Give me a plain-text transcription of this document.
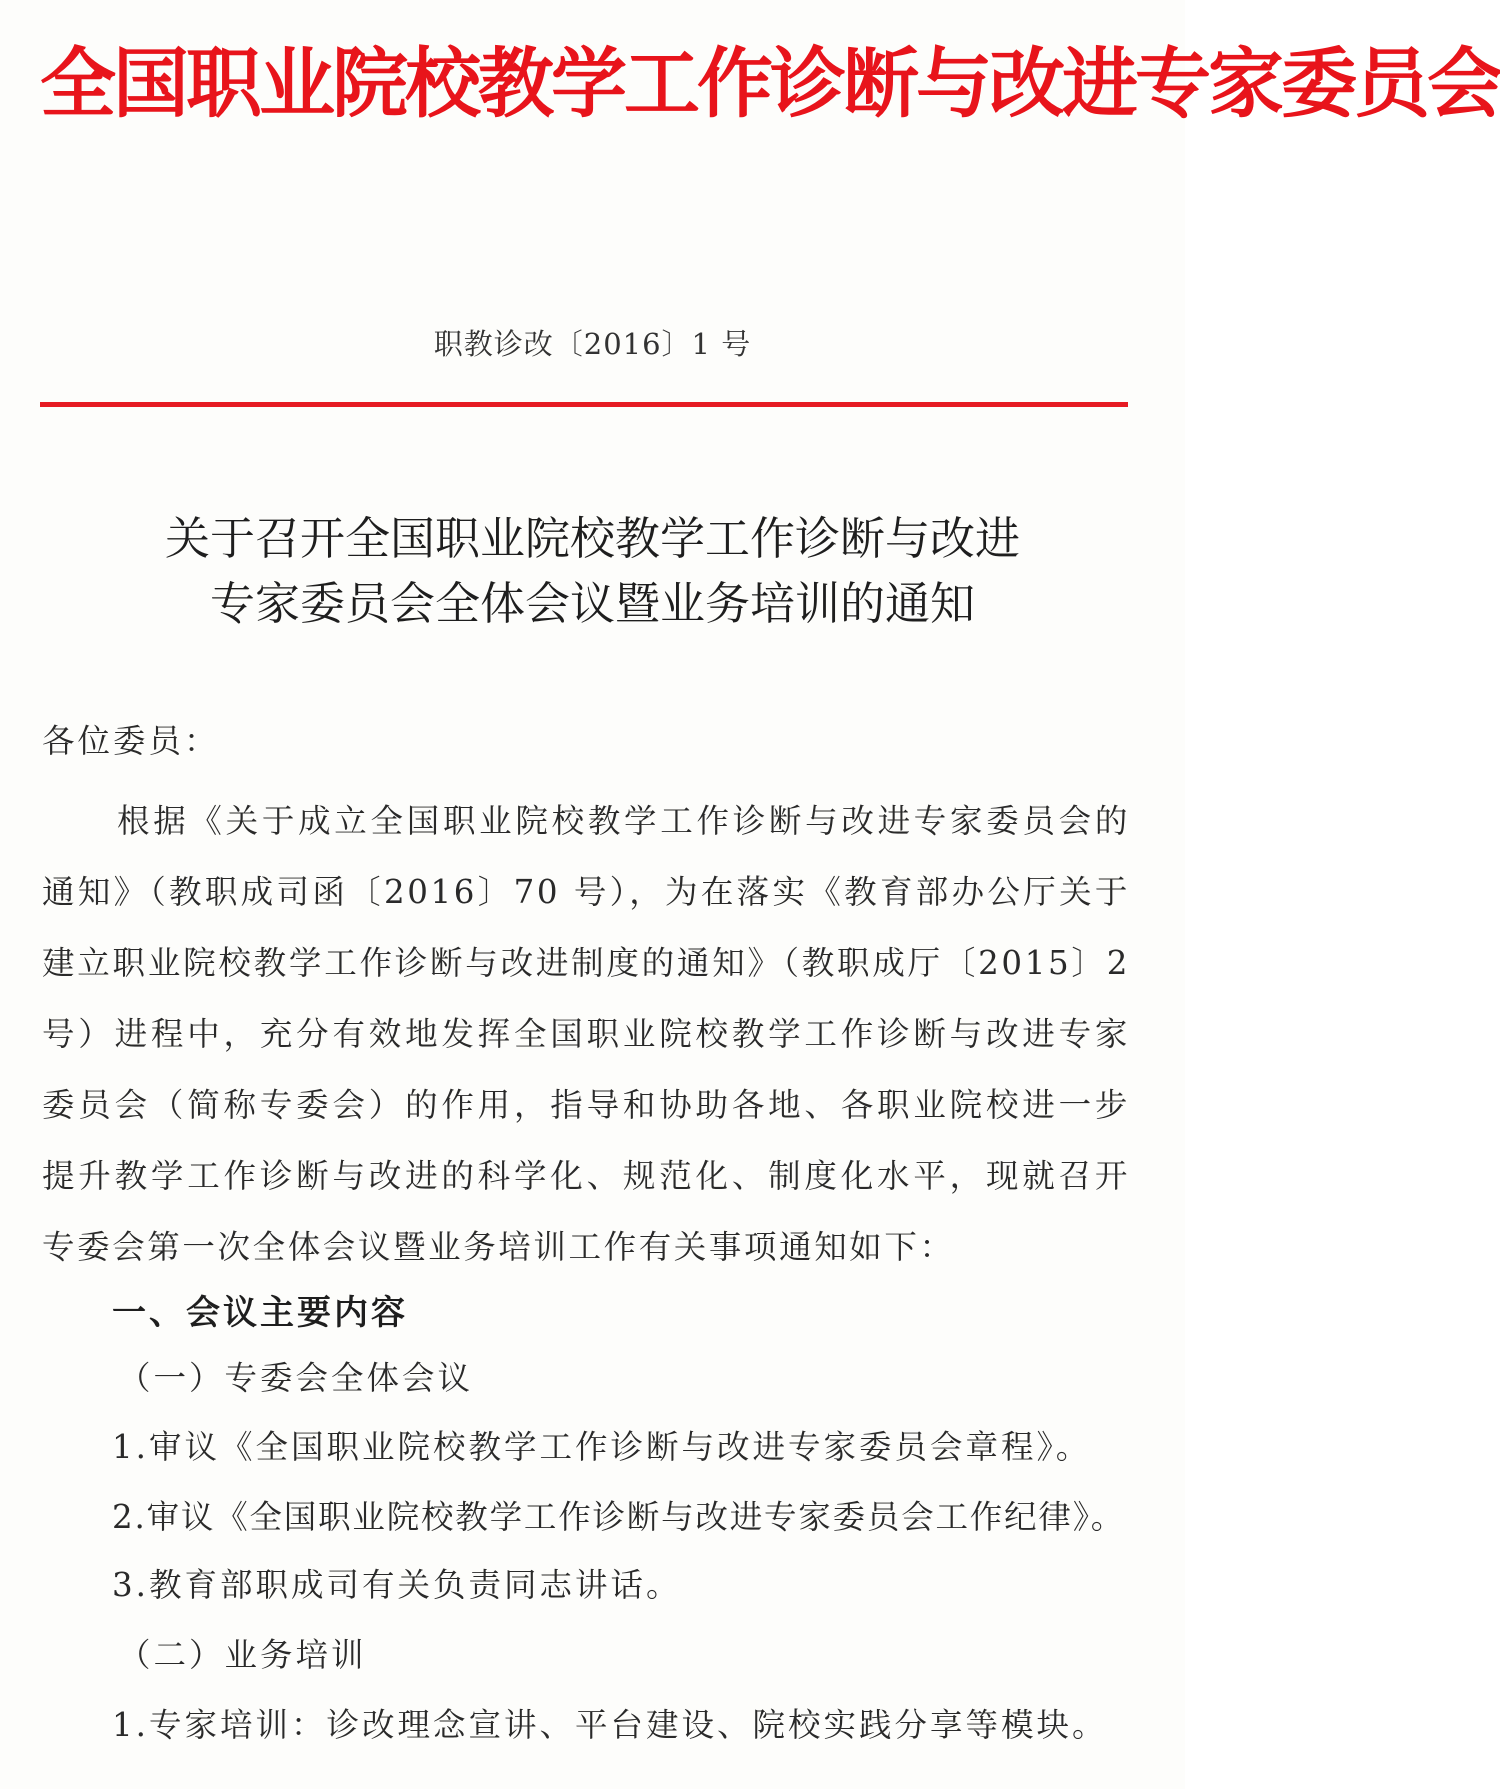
全国职业院校教学工作诊断与改进专家委员会
职教诊改〔2016〕1 号
关于召开全国职业院校教学工作诊断与改进
专家委员会全体会议暨业务培训的通知
各位委员：
根据《关于成立全国职业院校教学工作诊断与改进专家委员会的通知》（教职成司函〔2016〕70 号），为在落实《教育部办公厅关于建立职业院校教学工作诊断与改进制度的通知》（教职成厅〔2015〕2 号）进程中，充分有效地发挥全国职业院校教学工作诊断与改进专家委员会（简称专委会）的作用，指导和协助各地、各职业院校进一步提升教学工作诊断与改进的科学化、规范化、制度化水平，现就召开专委会第一次全体会议暨业务培训工作有关事项通知如下：
一、会议主要内容
（一）专委会全体会议
1.审议《全国职业院校教学工作诊断与改进专家委员会章程》。
2.审议《全国职业院校教学工作诊断与改进专家委员会工作纪律》。
3.教育部职成司有关负责同志讲话。
（二）业务培训
1.专家培训：诊改理念宣讲、平台建设、院校实践分享等模块。
